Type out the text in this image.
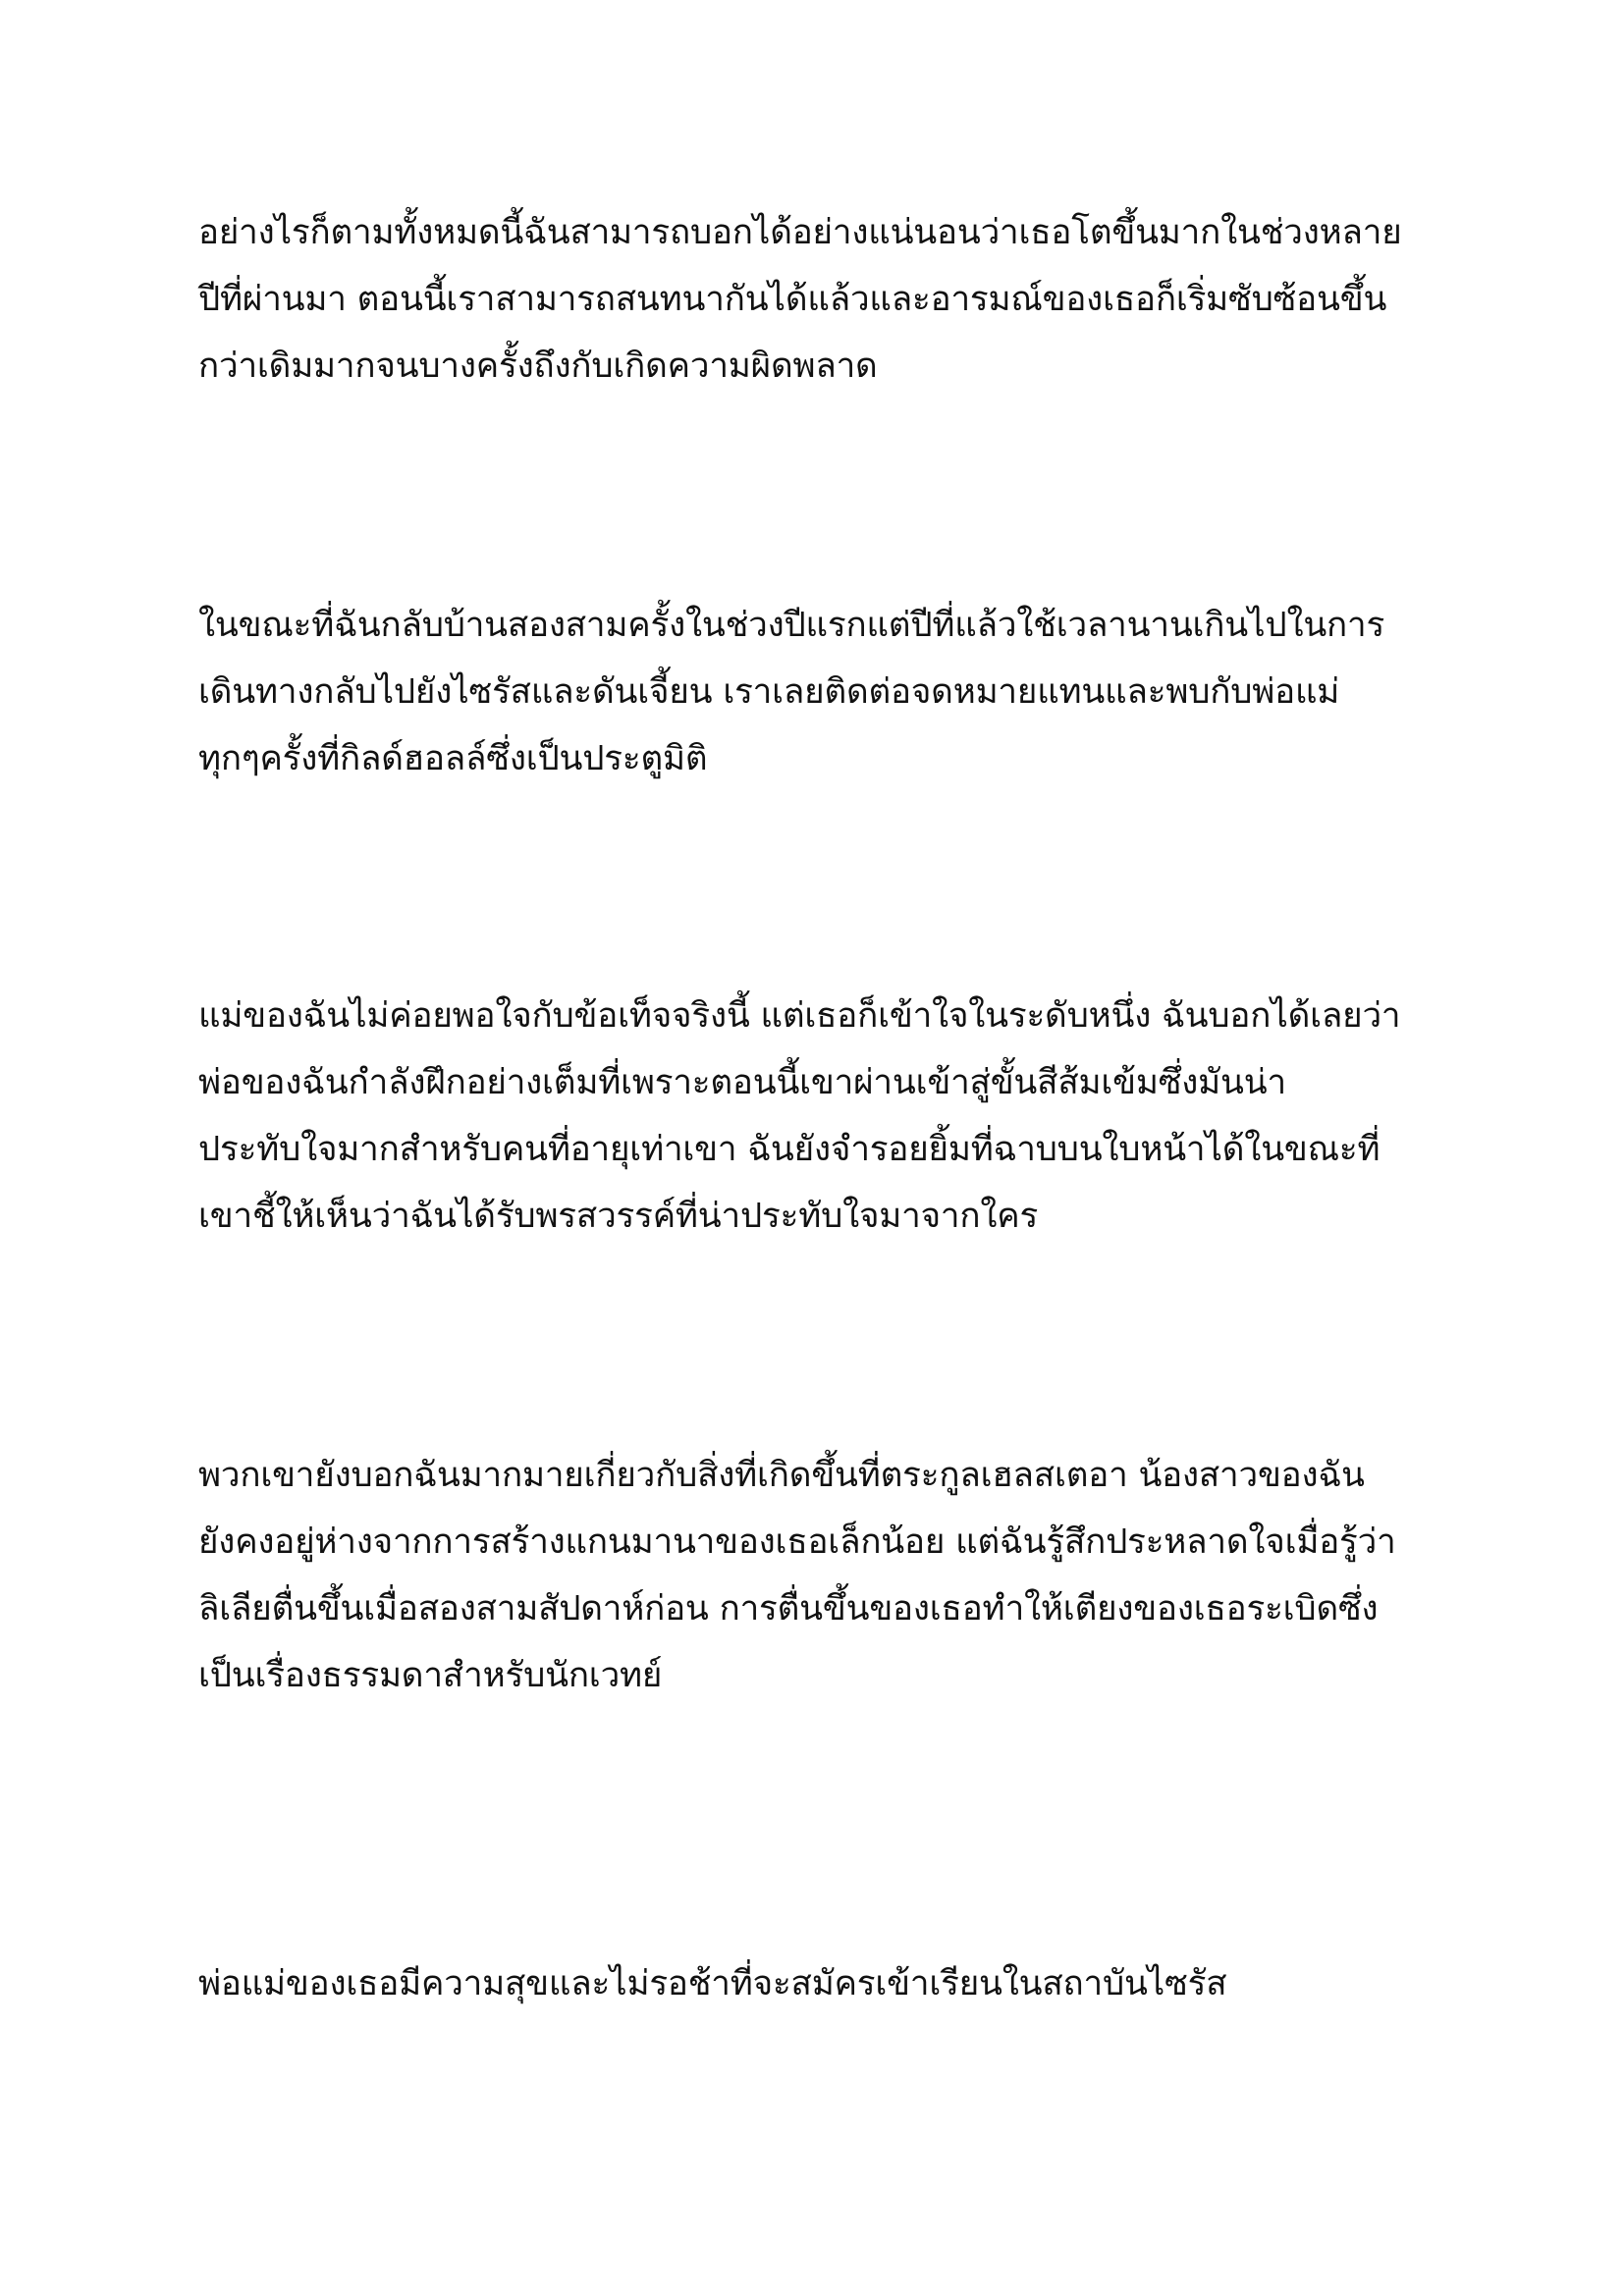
อย่างไรก็ตามทั้งหมดนี้ฉันสามารถบอกได้อย่างแน่นอนว่าเธอโตขึ้นมากในช่วงหลาย
ปีที่ผ่านมา ตอนนี้เราสามารถสนทนากันได้แล้วและอารมณ์ของเธอก็เริ่มซับซ้อนขึ้น
กว่าเดิมมากจนบางครั้งถึงกับเกิดความผิดพลาด
ในขณะที่ฉันกลับบ้านสองสามครั้งในช่วงปีแรกแต่ปีที่แล้วใช้เวลานานเกินไปในการ
เดินทางกลับไปยังไซรัสและดันเจี้ยน เราเลยติดต่อจดหมายแทนและพบกับพ่อแม่
ทุกๆครั้งที่กิลด์ฮอลล์ซึ่งเป็นประตูมิติ
แม่ของฉันไม่ค่อยพอใจกับข้อเท็จจริงนี้ แต่เธอก็เข้าใจในระดับหนึ่ง ฉันบอกได้เลยว่า
พ่อของฉันกำลังฝึกอย่างเต็มที่เพราะตอนนี้เขาผ่านเข้าสู่ขั้นสีส้มเข้มซึ่งมันน่า
ประทับใจมากสำหรับคนที่อายุเท่าเขา ฉันยังจำรอยยิ้มที่ฉาบบนใบหน้าได้ในขณะที่
เขาชี้ให้เห็นว่าฉันได้รับพรสวรรค์ที่น่าประทับใจมาจากใคร
พวกเขายังบอกฉันมากมายเกี่ยวกับสิ่งที่เกิดขึ้นที่ตระกูลเฮลสเตอา น้องสาวของฉัน
ยังคงอยู่ห่างจากการสร้างแกนมานาของเธอเล็กน้อย แต่ฉันรู้สึกประหลาดใจเมื่อรู้ว่า
ลิเลียตื่นขึ้นเมื่อสองสามสัปดาห์ก่อน การตื่นขึ้นของเธอทำให้เตียงของเธอระเบิดซึ่ง
เป็นเรื่องธรรมดาสำหรับนักเวทย์
พ่อแม่ของเธอมีความสุขและไม่รอช้าที่จะสมัครเข้าเรียนในสถาบันไซรัส
